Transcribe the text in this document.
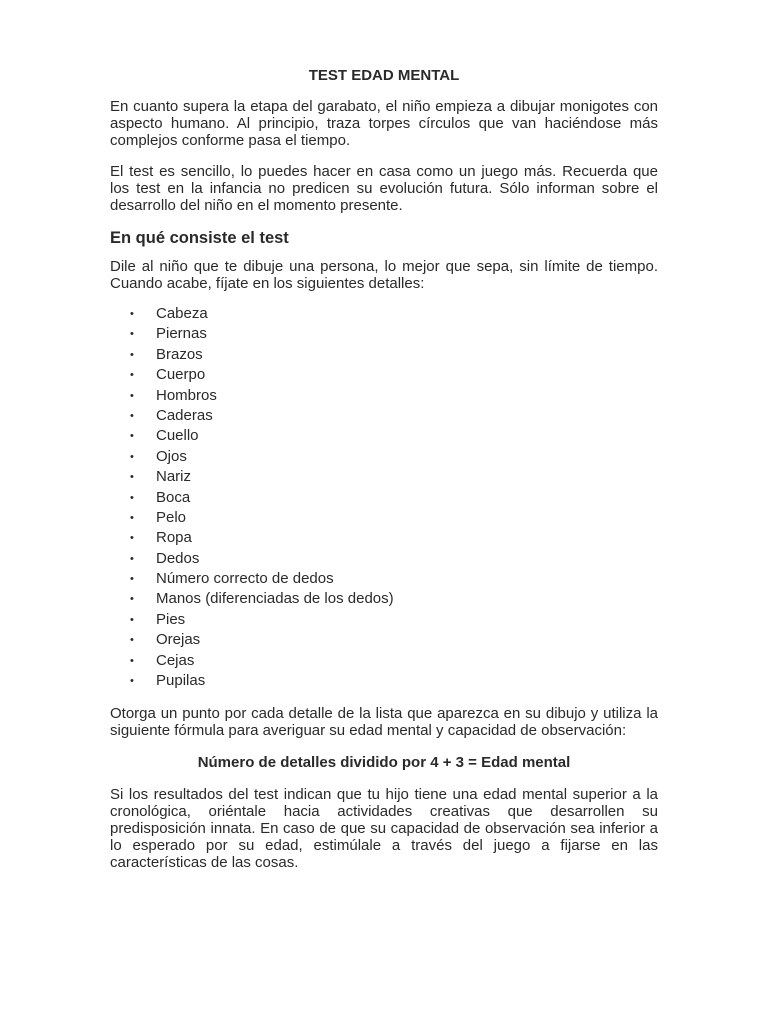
TEST EDAD MENTAL

En cuanto supera la etapa del garabato, el niño empieza a dibujar monigotes con aspecto humano. Al principio, traza torpes círculos que van haciéndose más complejos conforme pasa el tiempo.

El test es sencillo, lo puedes hacer en casa como un juego más. Recuerda que los test en la infancia no predicen su evolución futura. Sólo informan sobre el desarrollo del niño en el momento presente.

En qué consiste el test

Dile al niño que te dibuje una persona, lo mejor que sepa, sin límite de tiempo. Cuando acabe, fíjate en los siguientes detalles:

• Cabeza
• Piernas
• Brazos
• Cuerpo
• Hombros
• Caderas
• Cuello
• Ojos
• Nariz
• Boca
• Pelo
• Ropa
• Dedos
• Número correcto de dedos
• Manos (diferenciadas de los dedos)
• Pies
• Orejas
• Cejas
• Pupilas

Otorga un punto por cada detalle de la lista que aparezca en su dibujo y utiliza la siguiente fórmula para averiguar su edad mental y capacidad de observación:

Número de detalles dividido por 4 + 3 = Edad mental

Si los resultados del test indican que tu hijo tiene una edad mental superior a la cronológica, oriéntale hacia actividades creativas que desarrollen su predisposición innata. En caso de que su capacidad de observación sea inferior a lo esperado por su edad, estimúlale a través del juego a fijarse en las características de las cosas.
